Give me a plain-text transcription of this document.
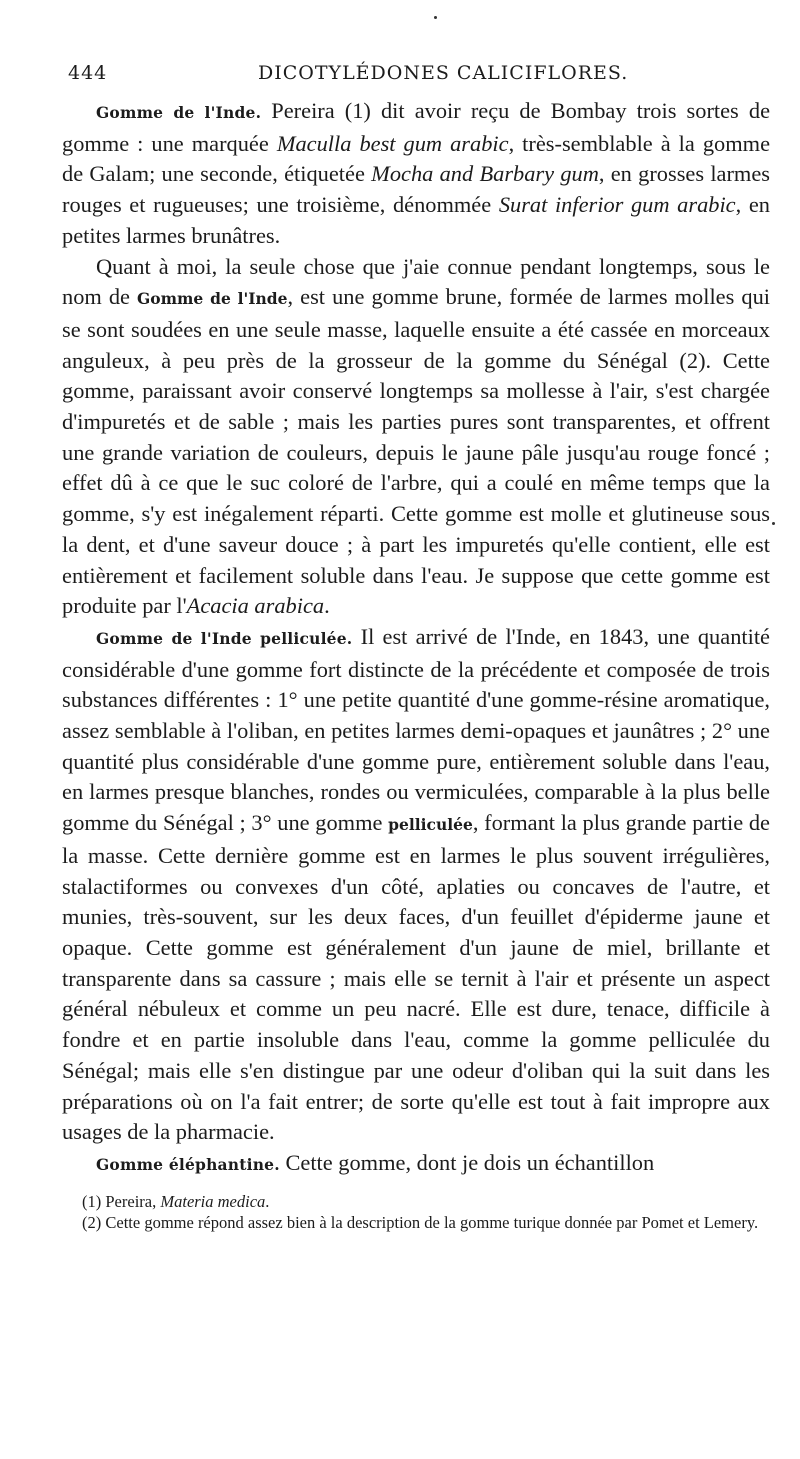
444	DICOTYLÉDONES CALICIFLORES.

Gomme de l'Inde. Pereira (1) dit avoir reçu de Bombay trois sortes de gomme : une marquée Maculla best gum arabic, très-semblable à la gomme de Galam; une seconde, étiquetée Mocha and Barbary gum, en grosses larmes rouges et rugueuses; une troisième, dénommée Surat inferior gum arabic, en petites larmes brunâtres.

Quant à moi, la seule chose que j'aie connue pendant longtemps, sous le nom de Gomme de l'Inde, est une gomme brune, formée de larmes molles qui se sont soudées en une seule masse, laquelle ensuite a été cassée en morceaux anguleux, à peu près de la grosseur de la gomme du Sénégal (2). Cette gomme, paraissant avoir conservé longtemps sa mollesse à l'air, s'est chargée d'impuretés et de sable ; mais les parties pures sont transparentes, et offrent une grande variation de couleurs, depuis le jaune pâle jusqu'au rouge foncé ; effet dû à ce que le suc coloré de l'arbre, qui a coulé en même temps que la gomme, s'y est inégalement réparti. Cette gomme est molle et glutineuse sous la dent, et d'une saveur douce ; à part les impuretés qu'elle contient, elle est entièrement et facilement soluble dans l'eau. Je suppose que cette gomme est produite par l'Acacia arabica.

Gomme de l'Inde pelliculée. Il est arrivé de l'Inde, en 1843, une quantité considérable d'une gomme fort distincte de la précédente et composée de trois substances différentes : 1° une petite quantité d'une gomme-résine aromatique, assez semblable à l'oliban, en petites larmes demi-opaques et jaunâtres ; 2° une quantité plus considérable d'une gomme pure, entièrement soluble dans l'eau, en larmes presque blanches, rondes ou vermiculées, comparable à la plus belle gomme du Sénégal ; 3° une gomme pelliculée, formant la plus grande partie de la masse. Cette dernière gomme est en larmes le plus souvent irrégulières, stalactiformes ou convexes d'un côté, aplaties ou concaves de l'autre, et munies, très-souvent, sur les deux faces, d'un feuillet d'épiderme jaune et opaque. Cette gomme est généralement d'un jaune de miel, brillante et transparente dans sa cassure ; mais elle se ternit à l'air et présente un aspect général nébuleux et comme un peu nacré. Elle est dure, tenace, difficile à fondre et en partie insoluble dans l'eau, comme la gomme pelliculée du Sénégal; mais elle s'en distingue par une odeur d'oliban qui la suit dans les préparations où on l'a fait entrer; de sorte qu'elle est tout à fait impropre aux usages de la pharmacie.

Gomme éléphantine. Cette gomme, dont je dois un échantillon

(1) Pereira, Materia medica.

(2) Cette gomme répond assez bien à la description de la gomme turique donnée par Pomet et Lemery.
